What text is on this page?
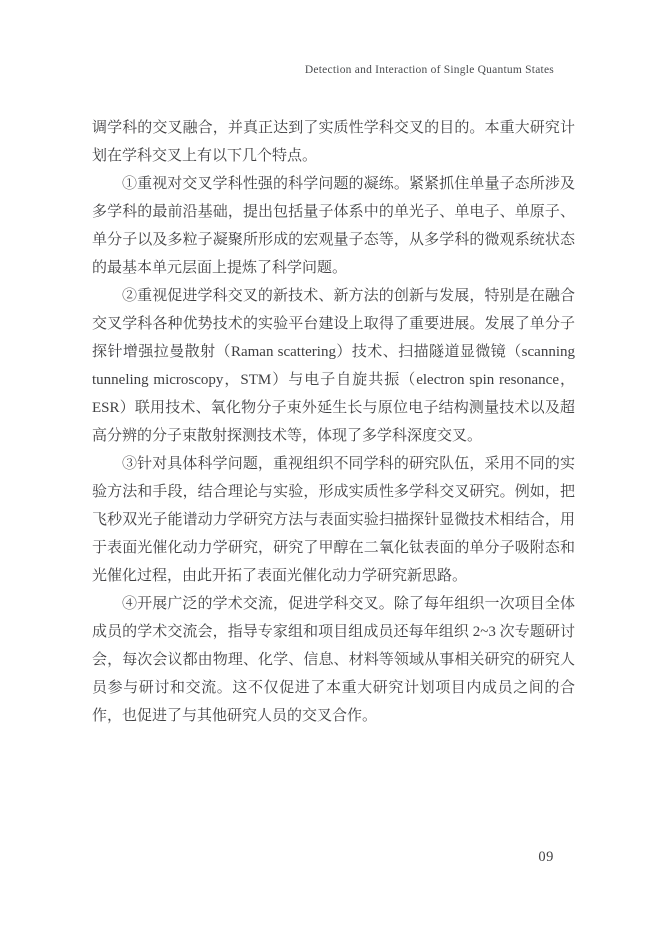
Detection and Interaction of Single Quantum States

调学科的交叉融合，并真正达到了实质性学科交叉的目的。本重大研究计划在学科交叉上有以下几个特点。

①重视对交叉学科性强的科学问题的凝练。紧紧抓住单量子态所涉及多学科的最前沿基础，提出包括量子体系中的单光子、单电子、单原子、单分子以及多粒子凝聚所形成的宏观量子态等，从多学科的微观系统状态的最基本单元层面上提炼了科学问题。

②重视促进学科交叉的新技术、新方法的创新与发展，特别是在融合交叉学科各种优势技术的实验平台建设上取得了重要进展。发展了单分子探针增强拉曼散射（Raman scattering）技术、扫描隧道显微镜（scanning tunneling microscopy，STM）与电子自旋共振（electron spin resonance，ESR）联用技术、氧化物分子束外延生长与原位电子结构测量技术以及超高分辨的分子束散射探测技术等，体现了多学科深度交叉。

③针对具体科学问题，重视组织不同学科的研究队伍，采用不同的实验方法和手段，结合理论与实验，形成实质性多学科交叉研究。例如，把飞秒双光子能谱动力学研究方法与表面实验扫描探针显微技术相结合，用于表面光催化动力学研究，研究了甲醇在二氧化钛表面的单分子吸附态和光催化过程，由此开拓了表面光催化动力学研究新思路。

④开展广泛的学术交流，促进学科交叉。除了每年组织一次项目全体成员的学术交流会，指导专家组和项目组成员还每年组织 2~3 次专题研讨会，每次会议都由物理、化学、信息、材料等领域从事相关研究的研究人员参与研讨和交流。这不仅促进了本重大研究计划项目内成员之间的合作，也促进了与其他研究人员的交叉合作。

09
